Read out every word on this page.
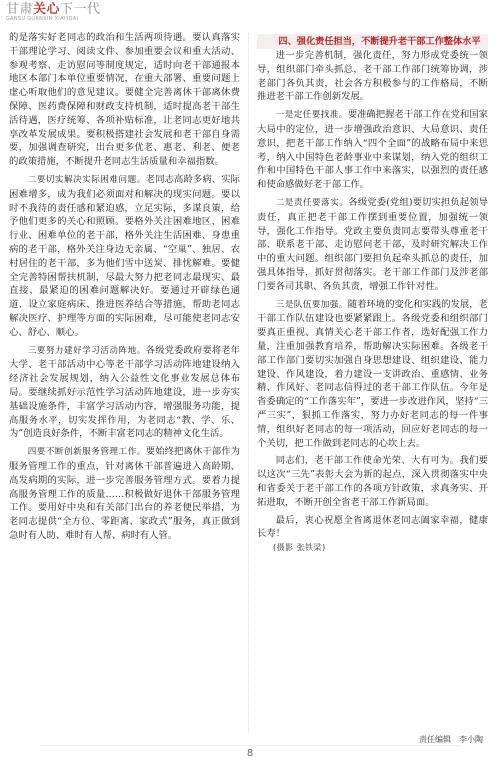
甘肃关心下一代
GANSU GUANXIN XIAYIDAI

的是落实好老同志的政治和生活两项待遇。要认真落实干部理论学习、阅读文件、参加重要会议和重大活动、参观考察、走访慰问等制度规定，适时向老干部通报本地区本部门本单位重要情况，在重大部署、重要问题上虚心听取他们的意见建议。要健全完善离休干部离休费保障、医药费保障和财政支持机制，适时提高老干部生活待遇，医疗统筹、各项补贴标准，让老同志更好地共享改革发展成果。要积极搭建社会发展和老干部自身需要，加强调查研究，出台更多优老、惠老、利老、便老的政策措施，不断提升老同志生活质量和幸福指数。

二要切实解决实际困难问题。老同志高龄多病、实际困难增多，成为我们必须面对和解决的现实问题。要以时不我待的责任感和紧迫感，立足实际，多谋良策，给予他们更多的关心和照顾。要格外关注困难地区、困难行业、困难单位的老干部，格外关注生活困难、身患重病的老干部，格外关注身边无亲属、“空巢”、独居、农村居住的老干部，多为他们雪中送炭、排忧解难。要健全完善特困帮扶机制，尽最大努力把老同志最现实、最直接、最紧迫的困难问题解决好。要通过开辟绿色通道、设立家庭病床、推进医养结合等措施，帮助老同志解决医疗、护理等方面的实际困难，尽可能使老同志安心、舒心、顺心。

三要努力建好学习活动阵地。各级党委政府要将老年大学、老干部活动中心等老干部学习活动阵地建设纳入经济社会发展规划，纳入公益性文化事业发展总体布局。要继续抓好示范性学习活动阵地建设，进一步夯实基础设施条件，丰富学习活动内容，增强服务功能，提高服务水平，切实发挥作用，为老同志“教、学、乐、为”创造良好条件，不断丰富老同志的精神文化生活。

四要不断创新服务管理工作。要始终把离休干部作为服务管理工作的重点，针对离休干部普遍进入高龄期、高发病期的实际，进一步完善服务管理方式。要着力提高服务管理工作的质量……积极做好退休干部服务管理工作。要用好中央和有关部门出台的养老便民举措，为老同志提供“全方位、零距离、家政式”服务，真正做到急时有人助、难时有人帮、病时有人管。

四、强化责任担当，不断提升老干部工作整体水平

进一步完善机制，强化责任，努力形成党委统一领导，组织部门牵头抓总，老干部工作部门统筹协调，涉老部门各负其责，社会各方积极参与的工作格局，不断推进老干部工作创新发展。

一是定任要找准。要准确把握老干部工作在党和国家大局中的定位，进一步增强政治意识、大局意识、责任意识，把老干部工作纳入“四个全面”的战略布局中来思考，纳入中国特色老龄事业中来谋划，纳入党的组织工作和中国特色干部人事工作中来落实，以强烈的责任感和使命感做好老干部工作。

二是责任要落实。各级党委(党组)要切实担负起领导责任，真正把老干部工作摆到重要位置，加强统一领导，强化工作指导。党政主要负责同志要带头尊重老干部、联系老干部、走访慰问老干部，及时研究解决工作中的重大问题。组织部门要担负起牵头抓总的责任，加强具体指导，抓好贯彻落实。老干部工作部门及涉老部门要各司其职、各负其责，增强工作针对性。

三是队伍要加强。随着环境的变化和实践的发展，老干部工作队伍建设也要紧紧跟上。各级党委和组织部门要真正重视、真情关心老干部工作者，选好配强工作力量，注重加强教育培养，帮助解决实际困难。各级老干部工作部门要切实加强自身思想建设、组织建设、能力建设、作风建设，着力建设一支讲政治、重感情、业务精、作风好、老同志信得过的老干部工作队伍。今年是省委确定的“工作落实年”，要进一步改进作风，坚持“三严三实”，狠抓工作落实，努力办好老同志的每一件事情，组织好老同志的每一项活动，回应好老同志的每一个关切，把工作做到老同志的心坎上去。

同志们，老干部工作使命光荣、大有可为。我们要以这次“三先”表彰大会为新的起点，深入贯彻落实中央和省委关于老干部工作的各项方针政策，求真务实、开拓进取，不断开创全省老干部工作新局面。

最后，衷心祝愿全省离退休老同志阖家幸福，健康长寿！

(摄影 张铁梁)

责任编辑　李小陶
8
